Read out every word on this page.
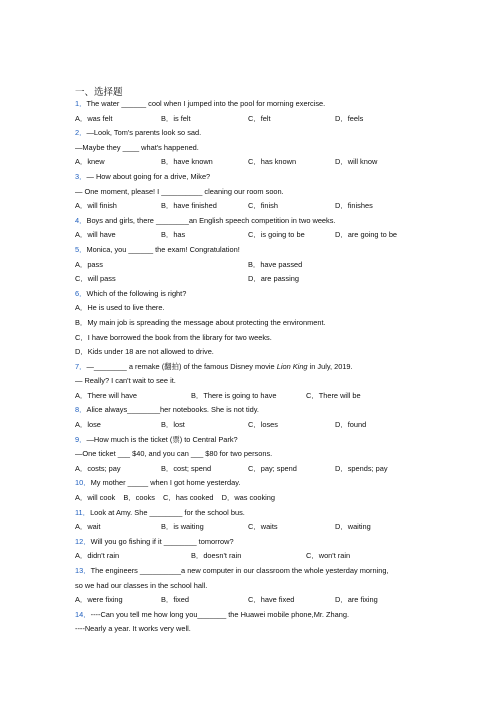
一、选择题
1．The water ______ cool when I jumped into the pool for morning exercise.
A．was felt	B．is felt	C．felt	D．feels
2．—Look, Tom's parents look so sad.
—Maybe they ____ what's happened.
A．knew	B．have known	C．has known	D．will know
3．— How about going for a drive, Mike?
— One moment, please! I __________ cleaning our room soon.
A．will finish	B．have finished	C．finish	D．finishes
4．Boys and girls, there ________an English speech competition in two weeks.
A．will have	B．has	C．is going to be	D．are going to be
5．Monica, you ______ the exam! Congratulation!
A．pass	B．have passed
C．will pass	D．are passing
6．Which of the following is right?
A．He is used to live there.
B．My main job is spreading the message about protecting the environment.
C．I have borrowed the book from the library for two weeks.
D．Kids under 18 are not allowed to drive.
7．—________ a remake (翻拍) of the famous Disney movie Lion King in July, 2019.
— Really? I can't wait to see it.
A．There will have	B．There is going to have	C．There will be
8．Alice always________her notebooks. She is not tidy.
A．lose	B．lost	C．loses	D．found
9．—How much is the ticket (票) to Central Park?
—One ticket ___ $40, and you can ___ $80 for two persons.
A．costs; pay	B．cost; spend	C．pay; spend	D．spends; pay
10．My mother _____ when I got home yesterday.
A．will cook B．cooks C．has cooked D．was cooking
11．Look at Amy. She ________ for the school bus.
A．wait	B．is waiting	C．waits	D．waiting
12．Will you go fishing if it ________ tomorrow?
A．didn't rain	B．doesn't rain	C．won't rain
13．The engineers __________a new computer in our classroom the whole yesterday morning,
so we had our classes in the school hall.
A．were fixing	B．fixed	C．have fixed	D．are fixing
14．----Can you tell me how long you_______ the Huawei mobile phone,Mr. Zhang.
----Nearly a year. It works very well.
